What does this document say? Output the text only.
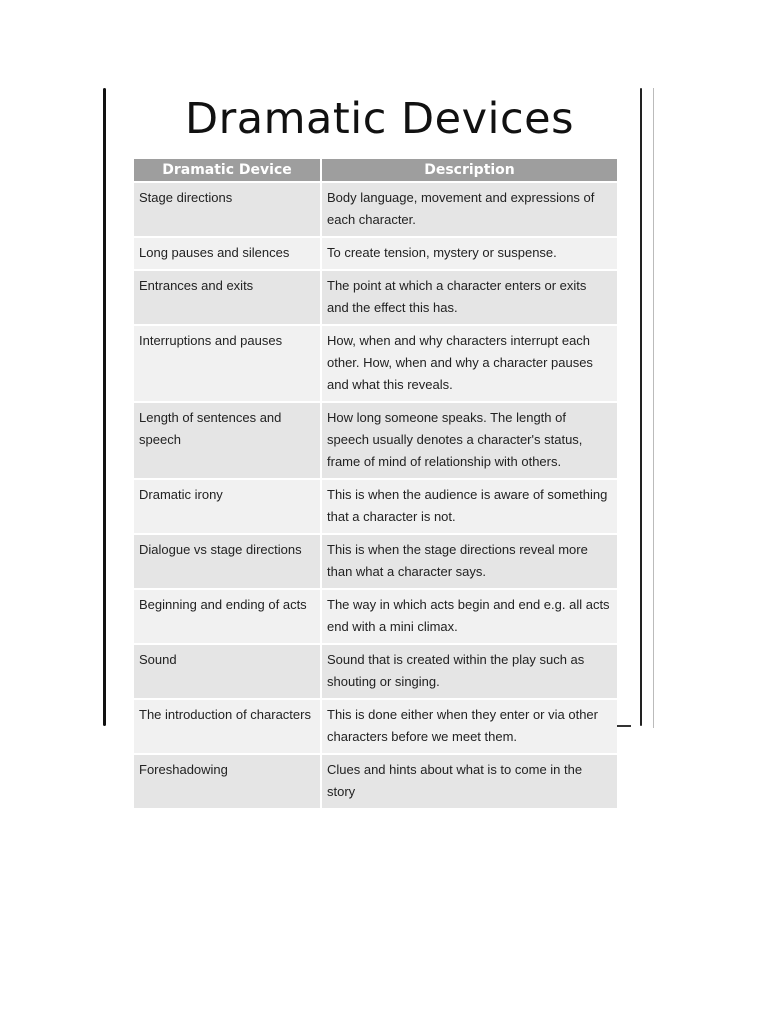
Dramatic Devices
Dramatic Device	Description
Stage directions	Body language, movement and expressions of each character.
Long pauses and silences	To create tension, mystery or suspense.
Entrances and exits	The point at which a character enters or exits and the effect this has.
Interruptions and pauses	How, when and why characters interrupt each other. How, when and why a character pauses and what this reveals.
Length of sentences and speech	How long someone speaks. The length of speech usually denotes a character's status, frame of mind of relationship with others.
Dramatic irony	This is when the audience is aware of something that a character is not.
Dialogue vs stage directions	This is when the stage directions reveal more than what a character says.
Beginning and ending of acts	The way in which acts begin and end e.g. all acts end with a mini climax.
Sound	Sound that is created within the play such as shouting or singing.
The introduction of characters	This is done either when they enter or via other characters before we meet them.
Foreshadowing	Clues and hints about what is to come in the story
